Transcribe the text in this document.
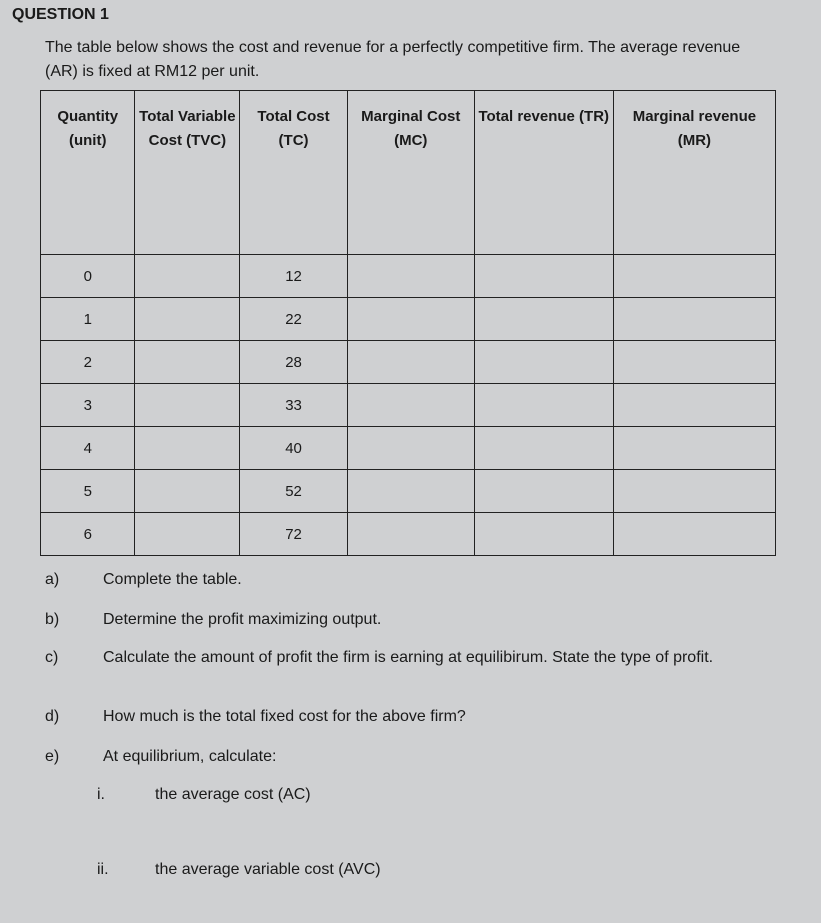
QUESTION 1
The table below shows the cost and revenue for a perfectly competitive firm. The average revenue (AR) is fixed at RM12 per unit.
Quantity (unit)	Total Variable Cost (TVC)	Total Cost (TC)	Marginal Cost (MC)	Total revenue (TR)	Marginal revenue (MR)
0		12			
1		22			
2		28			
3		33			
4		40			
5		52			
6		72			
a)	Complete the table.
b)	Determine the profit maximizing output.
c)	Calculate the amount of profit the firm is earning at equilibirum. State the type of profit.
d)	How much is the total fixed cost for the above firm?
e)	At equilibrium, calculate:
i.	the average cost (AC)
ii.	the average variable cost (AVC)
